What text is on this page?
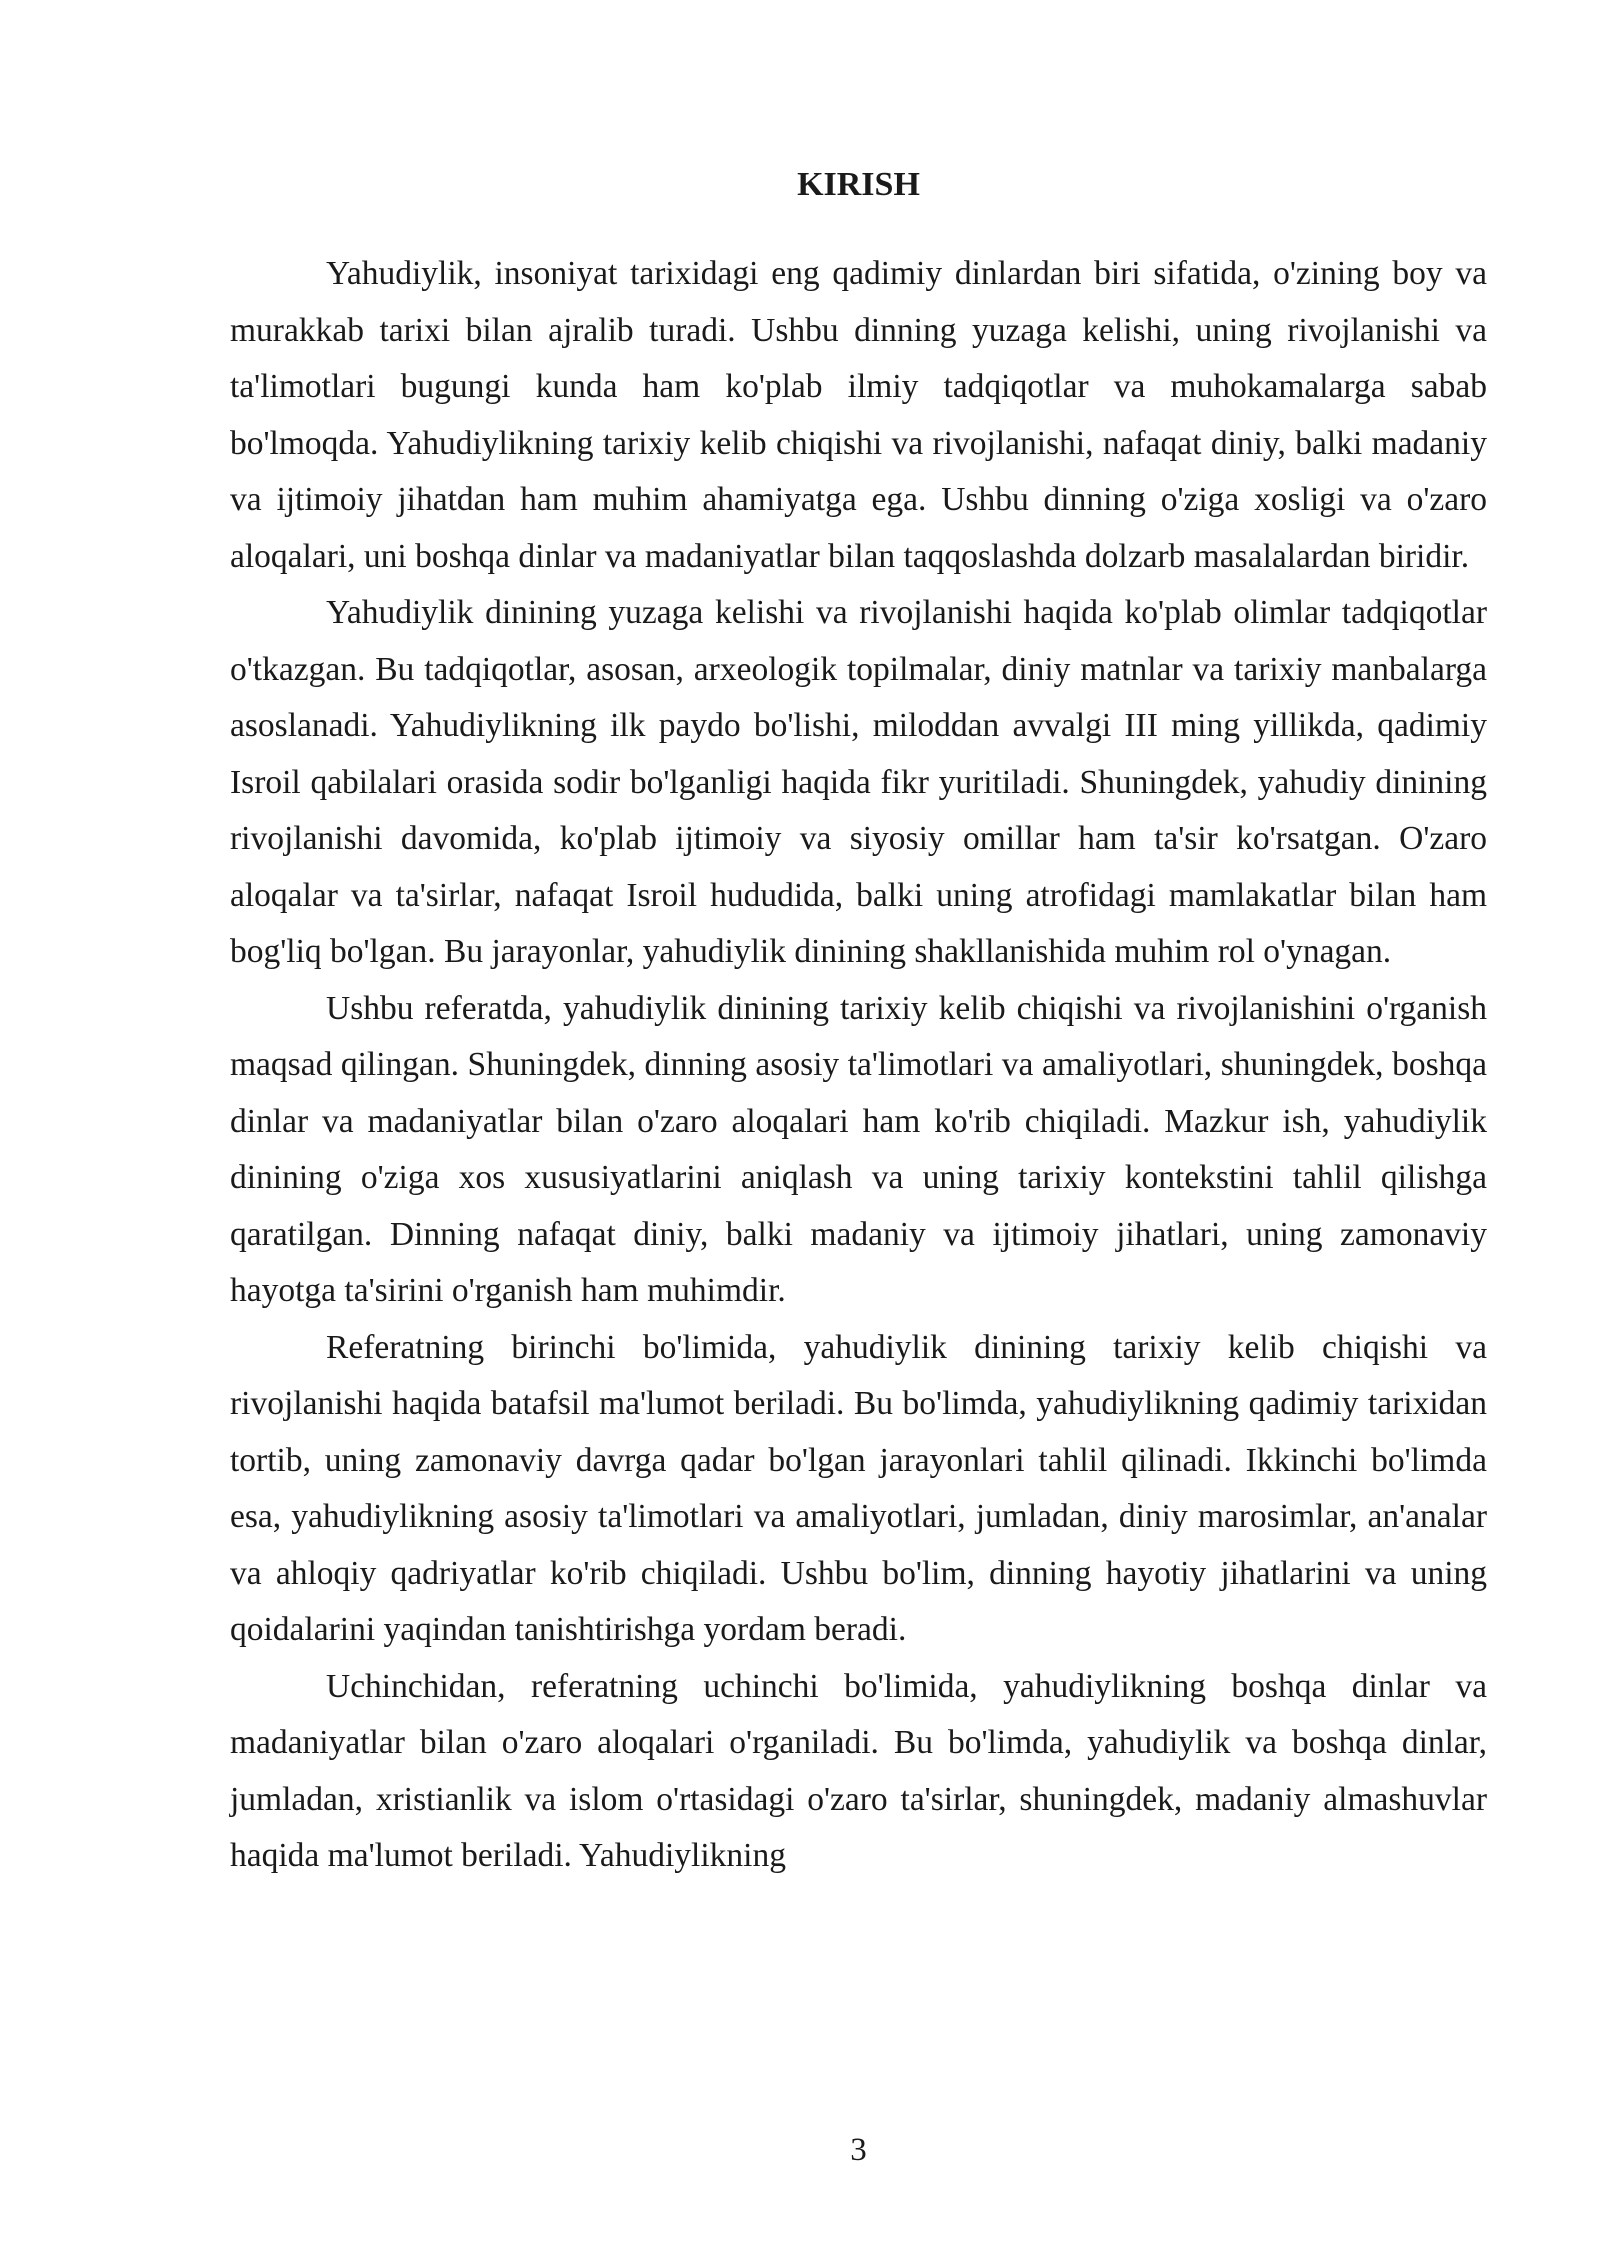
KIRISH

Yahudiylik, insoniyat tarixidagi eng qadimiy dinlardan biri sifatida, o'zining boy va murakkab tarixi bilan ajralib turadi. Ushbu dinning yuzaga kelishi, uning rivojlanishi va ta'limotlari bugungi kunda ham ko'plab ilmiy tadqiqotlar va muhokamalarga sabab bo'lmoqda. Yahudiylikning tarixiy kelib chiqishi va rivojlanishi, nafaqat diniy, balki madaniy va ijtimoiy jihatdan ham muhim ahamiyatga ega. Ushbu dinning o'ziga xosligi va o'zaro aloqalari, uni boshqa dinlar va madaniyatlar bilan taqqoslashda dolzarb masalalardan biridir.

Yahudiylik dinining yuzaga kelishi va rivojlanishi haqida ko'plab olimlar tadqiqotlar o'tkazgan. Bu tadqiqotlar, asosan, arxeologik topilmalar, diniy matnlar va tarixiy manbalarga asoslanadi. Yahudiylikning ilk paydo bo'lishi, miloddan avvalgi III ming yillikda, qadimiy Isroil qabilalari orasida sodir bo'lganligi haqida fikr yuritiladi. Shuningdek, yahudiy dinining rivojlanishi davomida, ko'plab ijtimoiy va siyosiy omillar ham ta'sir ko'rsatgan. O'zaro aloqalar va ta'sirlar, nafaqat Isroil hududida, balki uning atrofidagi mamlakatlar bilan ham bog'liq bo'lgan. Bu jarayonlar, yahudiylik dinining shakllanishida muhim rol o'ynagan.

Ushbu referatda, yahudiylik dinining tarixiy kelib chiqishi va rivojlanishini o'rganish maqsad qilingan. Shuningdek, dinning asosiy ta'limotlari va amaliyotlari, shuningdek, boshqa dinlar va madaniyatlar bilan o'zaro aloqalari ham ko'rib chiqiladi. Mazkur ish, yahudiylik dinining o'ziga xos xususiyatlarini aniqlash va uning tarixiy kontekstini tahlil qilishga qaratilgan. Dinning nafaqat diniy, balki madaniy va ijtimoiy jihatlari, uning zamonaviy hayotga ta'sirini o'rganish ham muhimdir.

Referatning birinchi bo'limida, yahudiylik dinining tarixiy kelib chiqishi va rivojlanishi haqida batafsil ma'lumot beriladi. Bu bo'limda, yahudiylikning qadimiy tarixidan tortib, uning zamonaviy davrga qadar bo'lgan jarayonlari tahlil qilinadi. Ikkinchi bo'limda esa, yahudiylikning asosiy ta'limotlari va amaliyotlari, jumladan, diniy marosimlar, an'analar va ahloqiy qadriyatlar ko'rib chiqiladi. Ushbu bo'lim, dinning hayotiy jihatlarini va uning qoidalarini yaqindan tanishtirishga yordam beradi.

Uchinchidan, referatning uchinchi bo'limida, yahudiylikning boshqa dinlar va madaniyatlar bilan o'zaro aloqalari o'rganiladi. Bu bo'limda, yahudiylik va boshqa dinlar, jumladan, xristianlik va islom o'rtasidagi o'zaro ta'sirlar, shuningdek, madaniy almashuvlar haqida ma'lumot beriladi. Yahudiylikning

3
